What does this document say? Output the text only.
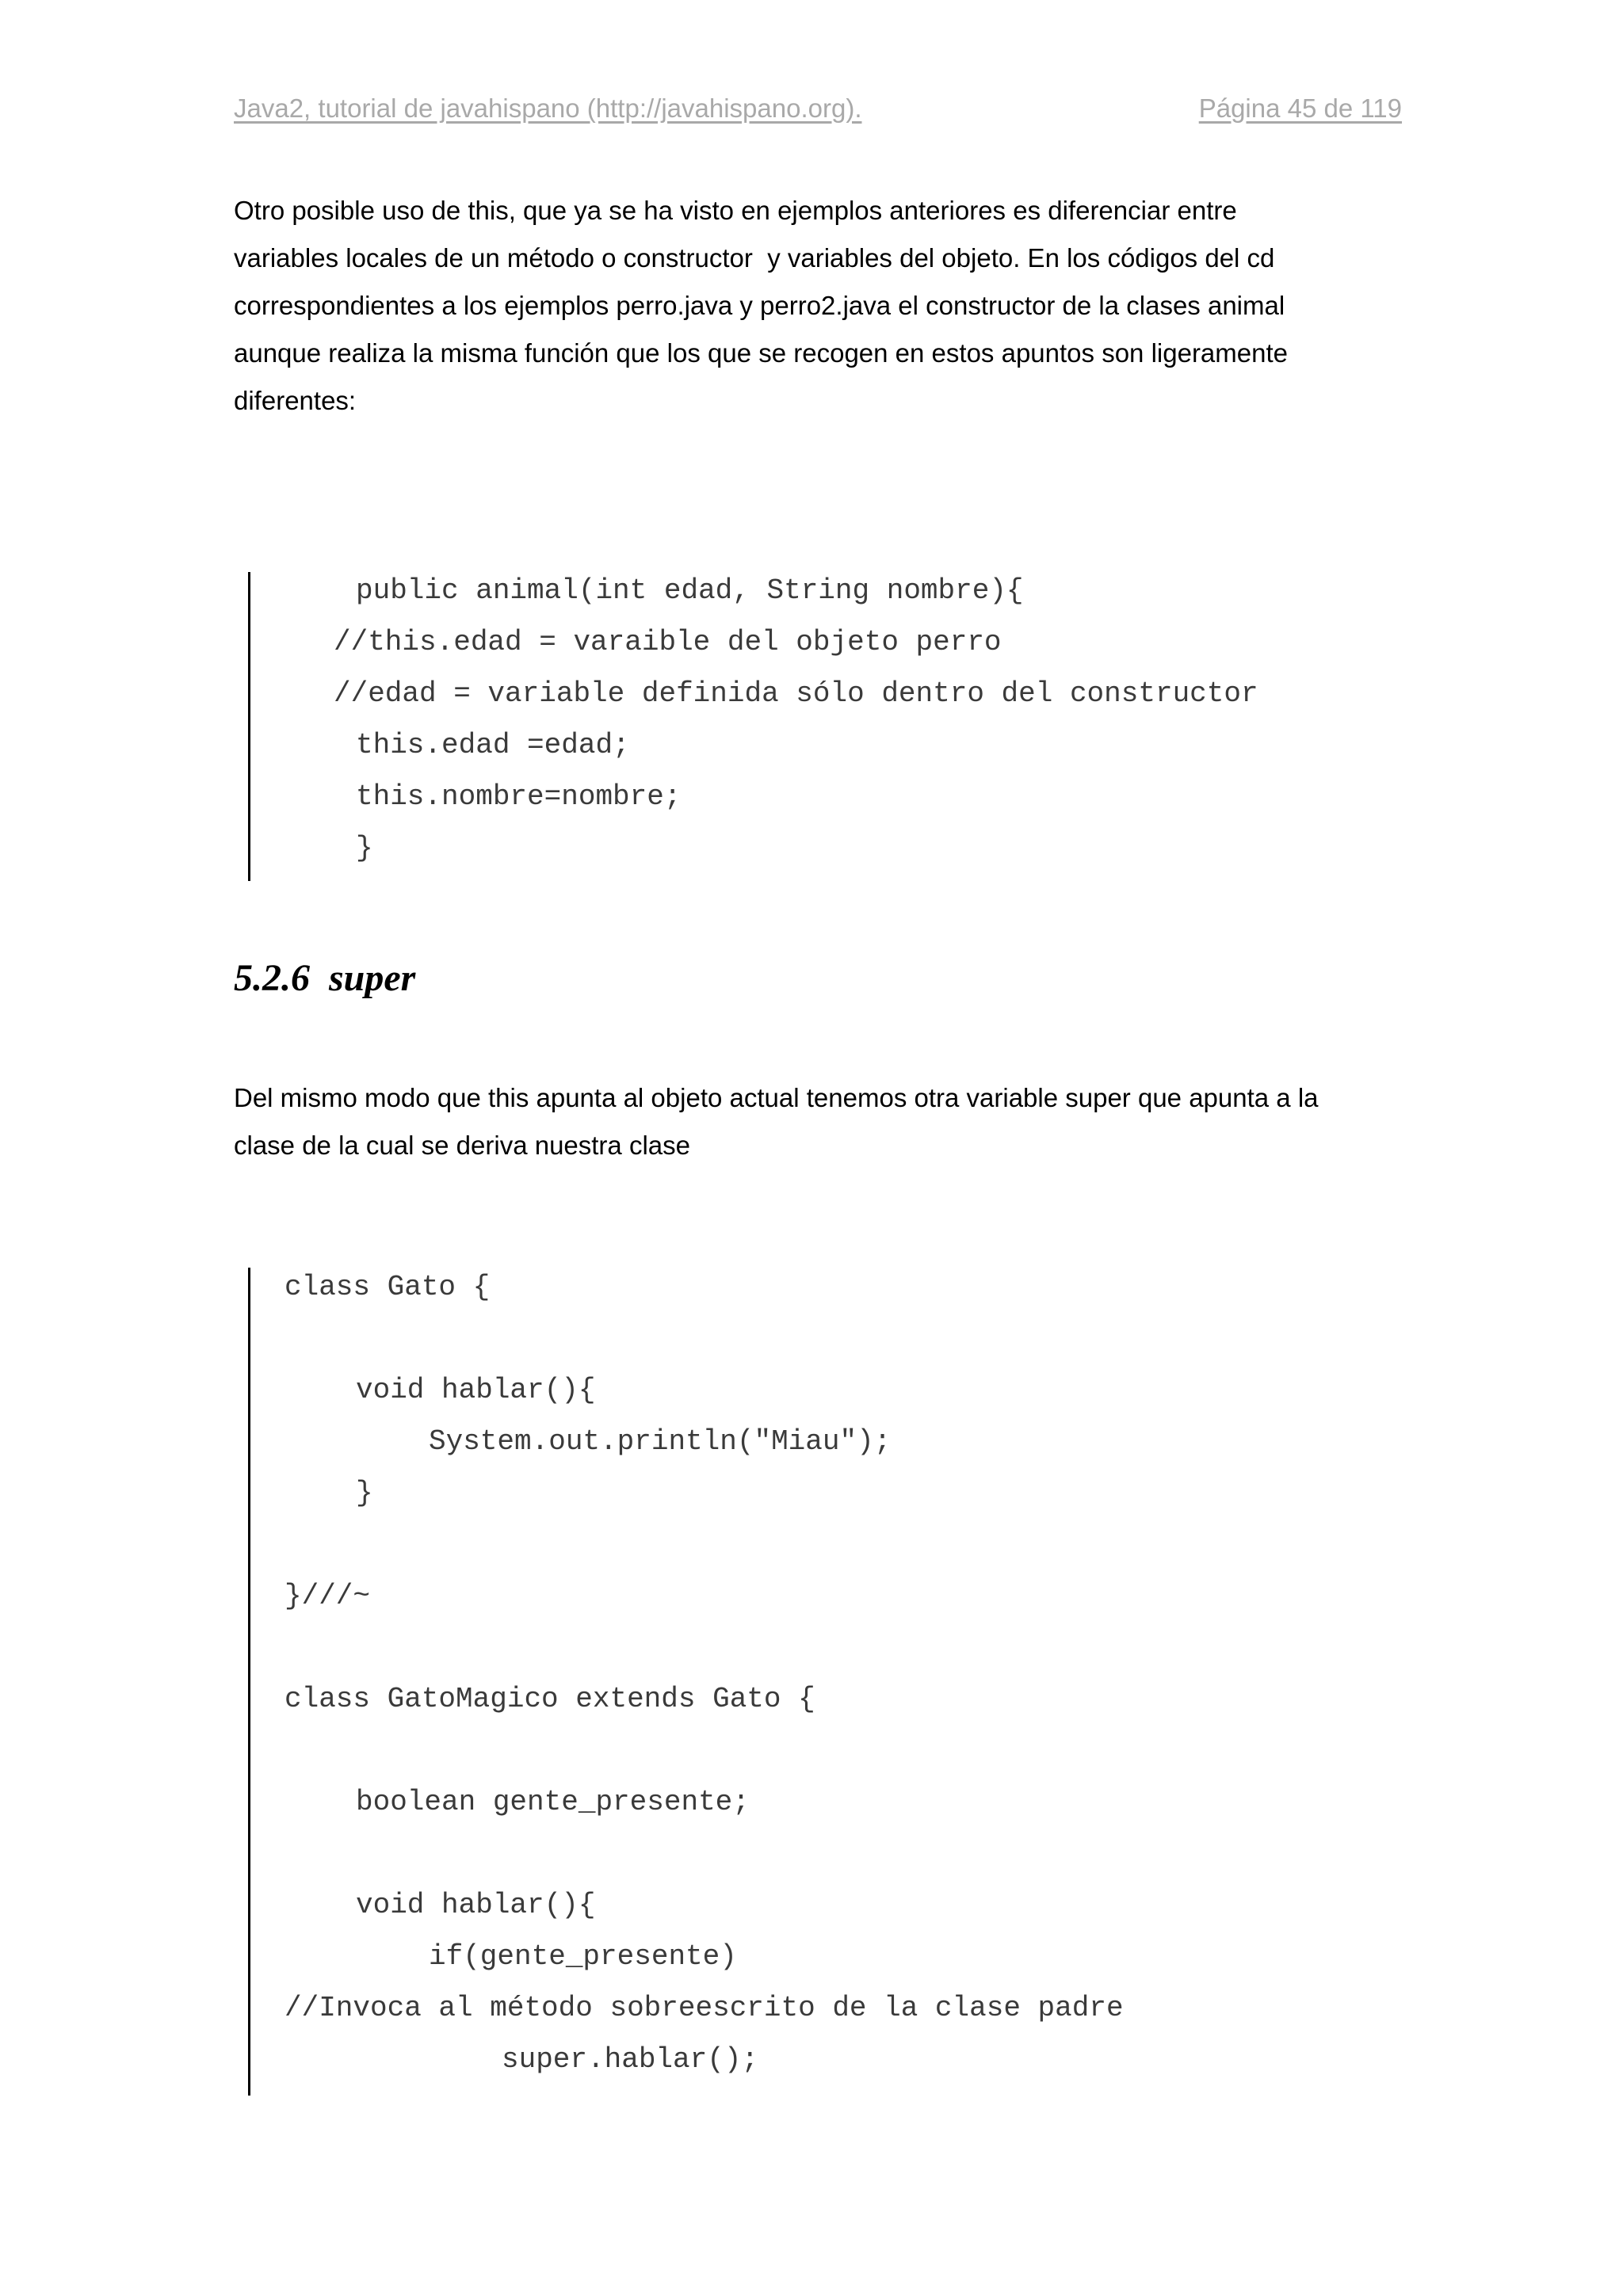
Java2, tutorial de javahispano (http://javahispano.org).	Página 45 de 119

Otro posible uso de this, que ya se ha visto en ejemplos anteriores es diferenciar entre
variables locales de un método o constructor  y variables del objeto. En los códigos del cd
correspondientes a los ejemplos perro.java y perro2.java el constructor de la clases animal
aunque realiza la misma función que los que se recogen en estos apuntos son ligeramente
diferentes:

public animal(int edad, String nombre){
//this.edad = varaible del objeto perro
//edad = variable definida sólo dentro del constructor
this.edad =edad;
this.nombre=nombre;
}
5.2.6  super

Del mismo modo que this apunta al objeto actual tenemos otra variable super que apunta a la
clase de la cual se deriva nuestra clase

class Gato {
void hablar(){
System.out.println("Miau");
}
}///~
class GatoMagico extends Gato {
boolean gente_presente;
void hablar(){
if(gente_presente)
//Invoca al método sobreescrito de la clase padre
super.hablar();
